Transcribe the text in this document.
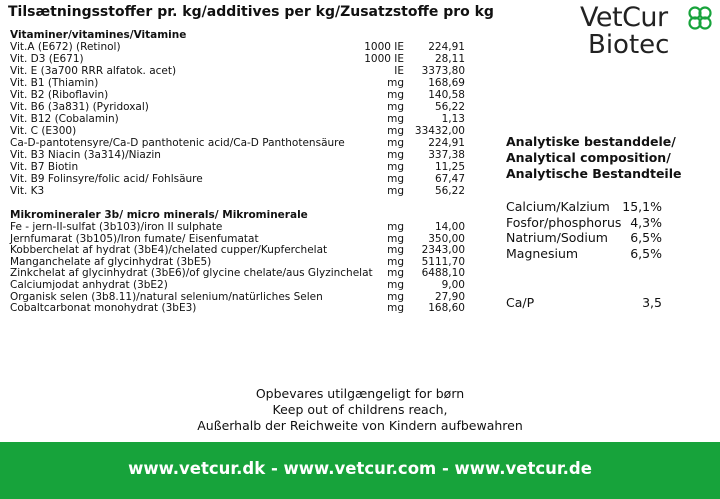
Tilsætningsstoffer pr. kg/additives per kg/Zusatzstoffe pro kg	VetCur
Biotec
Vitaminer/vitamines/Vitamine
Vit.A (E672) (Retinol)	1000 IE 224,91
Vit. D3 (E671)	1000 IE	28,11
Vit. E (3a700 RRR alfatok. acet)	IE 3373,80
Vit. B1 (Thiamin)	mg 168,69
Vit. B2 (Riboflavin)	mg 140,58
Vit. B6 (3a831) (Pyridoxal)	mg	56,22
Vit. B12 (Cobalamin)	mg	1,13
Vit. C (E300)	mg 33432,00
Ca-D-pantotensyre/Ca-D panthotenic acid/Ca-D Panthotensäure	mg 224,91
Vit. B3 Niacin (3a314)/Niazin	mg 337,38
Vit. B7 Biotin	mg	11,25
Vit. B9 Folinsyre/folic acid/ Fohlsäure	mg	67,47
Vit. K3	mg	56,22
Mikromineraler 3b/ micro minerals/ Mikrominerale
Fe - jern-II-sulfat (3b103)/iron II sulphate	mg	14,00
Jernfumarat (3b105)/Iron fumate/ Eisenfumatat	mg 350,00
Kobberchelat af hydrat (3bE4)/chelated cupper/Kupferchelat	mg 2343,00
Manganchelate af glycinhydrat (3bE5)	mg 5111,70
Zinkchelat af glycinhydrat (3bE6)/of glycine chelate/aus Glyzinchelat	mg 6488,10
Calciumjodat anhydrat (3bE2)	mg	9,00
Organisk selen (3b8.11)/natural selenium/natürliches Selen	mg	27,90
Cobaltcarbonat monohydrat (3bE3)	mg 168,60
Analytiske bestanddele/
Analytical composition/
Analytische Bestandteile
Calcium/Kalzium 15,1%
Fosfor/phosphorus 4,3%
Natrium/Sodium 6,5%
Magnesium	6,5%
Ca/P	3,5
Opbevares utilgængeligt for børn
Keep out of childrens reach,
Außerhalb der Reichweite von Kindern aufbewahren
www.vetcur.dk - www.vetcur.com - www.vetcur.de
